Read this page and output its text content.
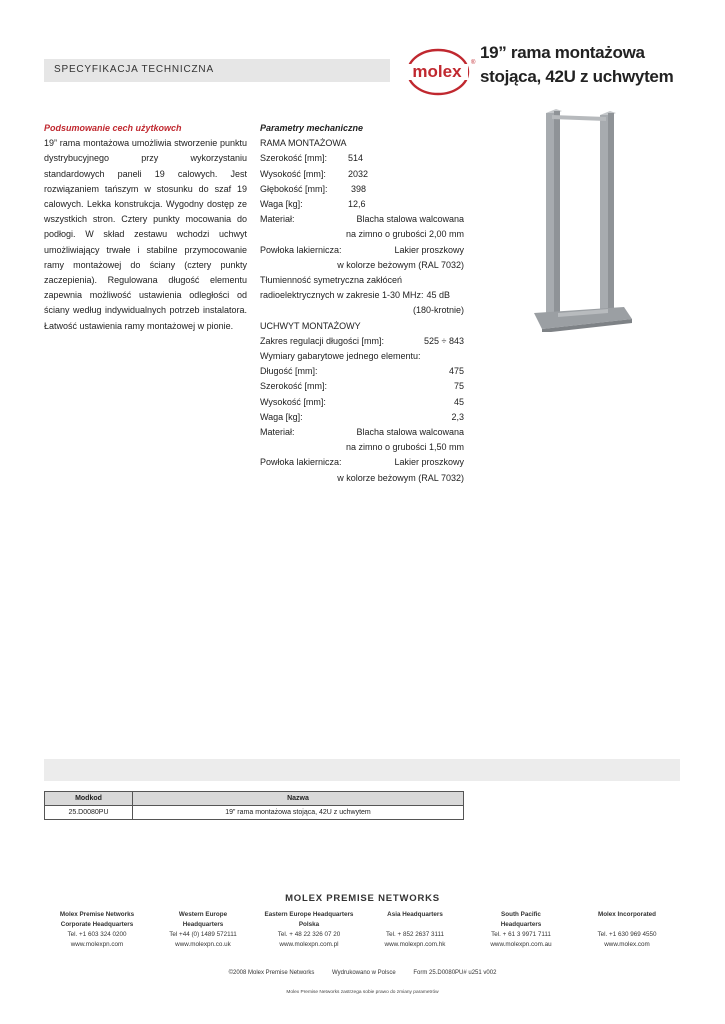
SPECYFIKACJA TECHNICZNA	molex ®
19” rama montażowa
stojąca, 42U z uchwytem
Podsumowanie cech użytkowch
19” rama montażowa umożliwia stworzenie punktu dystrybucyjnego przy wykorzystaniu standardowych paneli 19 calowych. Jest rozwiązaniem tańszym w stosunku do szaf 19 calowych. Lekka konstrukcja. Wygodny dostęp ze wszystkich stron. Cztery punkty mocowania do podłogi. W skład zestawu wchodzi uchwyt umożliwiający trwałe i stabilne przymocowanie ramy montażowej do ściany (cztery punkty zaczepienia). Regulowana długość elementu zapewnia możliwość ustawienia odległości od ściany według indywidualnych potrzeb instalatora. Łatwość ustawienia ramy montażowej w pionie.
Parametry mechaniczne
RAMA MONTAŻOWA
Szerokość [mm]:	514
Wysokość [mm]:	2032
Głębokość [mm]:	398
Waga [kg]:	12,6
Materiał:	Blacha stalowa walcowana
na zimno o grubości 2,00 mm
Powłoka lakiernicza:	Lakier proszkowy
w kolorze beżowym (RAL 7032)
Tłumienność symetryczna zakłóceń
radioelektrycznych w zakresie 1-30 MHz: 45 dB
(180-krotnie)
UCHWYT MONTAŻOWY
Zakres regulacji długości [mm]:	525 ÷ 843
Wymiary gabarytowe jednego elementu:
Długość [mm]:	475
Szerokość [mm]:	75
Wysokość [mm]:	45
Waga [kg]:	2,3
Materiał:	Blacha stalowa walcowana
na zimno o grubości 1,50 mm
Powłoka lakiernicza:	Lakier proszkowy
w kolorze beżowym (RAL 7032)
Modkod	Nazwa
25.D0080PU	19” rama montażowa stojąca, 42U z uchwytem
MOLEX PREMISE NETWORKS
Molex Premise Networks
Corporate Headquarters
Tel. +1 603 324 0200
www.molexpn.com
Western Europe
Headquarters
Tel +44 (0) 1489 572111
www.molexpn.co.uk
Eastern Europe Headquarters
Polska
Tel. + 48 22 326 07 20
www.molexpn.com.pl
Asia Headquarters
Tel. + 852 2637 3111
www.molexpn.com.hk
South Pacific
Headquarters
Tel. + 61 3 9971 7111
www.molexpn.com.au
Molex Incorporated
Tel. +1 630 969 4550
www.molex.com
©2008 Molex Premise Networks	Wydrukowano w Polsce	Form 25.D0080PU# u251 v002
Molex Premise Networks zastrzega sobie prawo do zmiany parametrów
